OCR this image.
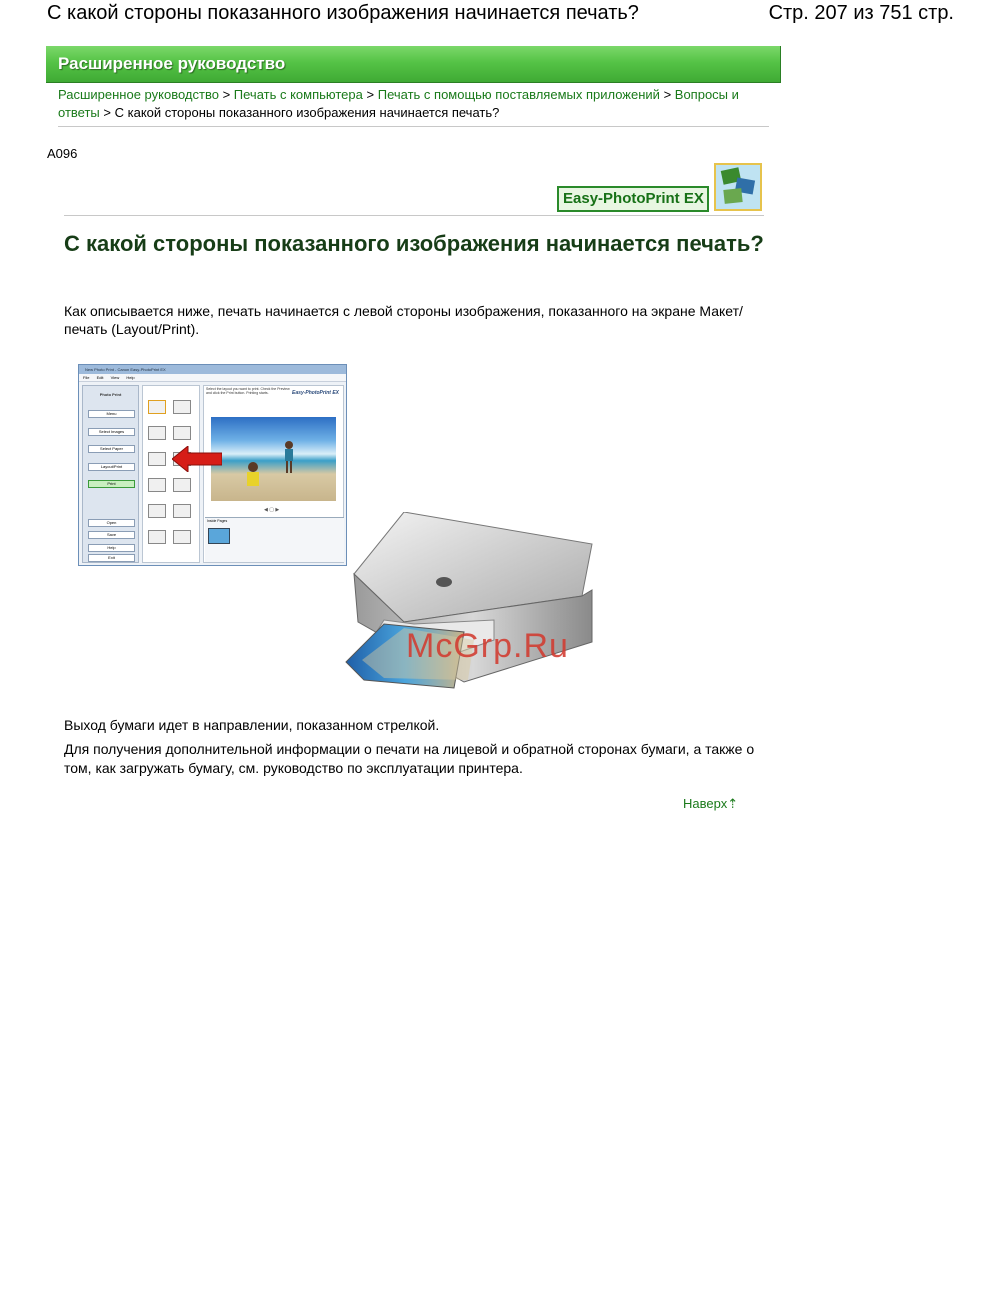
С какой стороны показанного изображения начинается печать?	Стр. 207 из 751 стр.
Расширенное руководство
Расширенное руководство > Печать с компьютера > Печать с помощью поставляемых приложений > Вопросы и ответы > С какой стороны показанного изображения начинается печать?
A096
Easy-PhotoPrint EX
С какой стороны показанного изображения начинается печать?
Как описывается ниже, печать начинается с левой стороны изображения, показанного на экране Макет/печать (Layout/Print).
New Photo Print - Canon Easy-PhotoPrint EX
File Edit View Help
Photo Print
Menu
Select Images
Select Paper
Layout/Print
Print
Open
Save
Help
Exit
Select the layout you want to print. Check the Preview and click the Print button. Printing starts.	Easy-PhotoPrint EX
◀ ▢ ▶
Inside Pages
McGrp.Ru
Выход бумаги идет в направлении, показанном стрелкой.
Для получения дополнительной информации о печати на лицевой и обратной сторонах бумаги, а также о том, как загружать бумагу, см. руководство по эксплуатации принтера.
Наверх⇡
